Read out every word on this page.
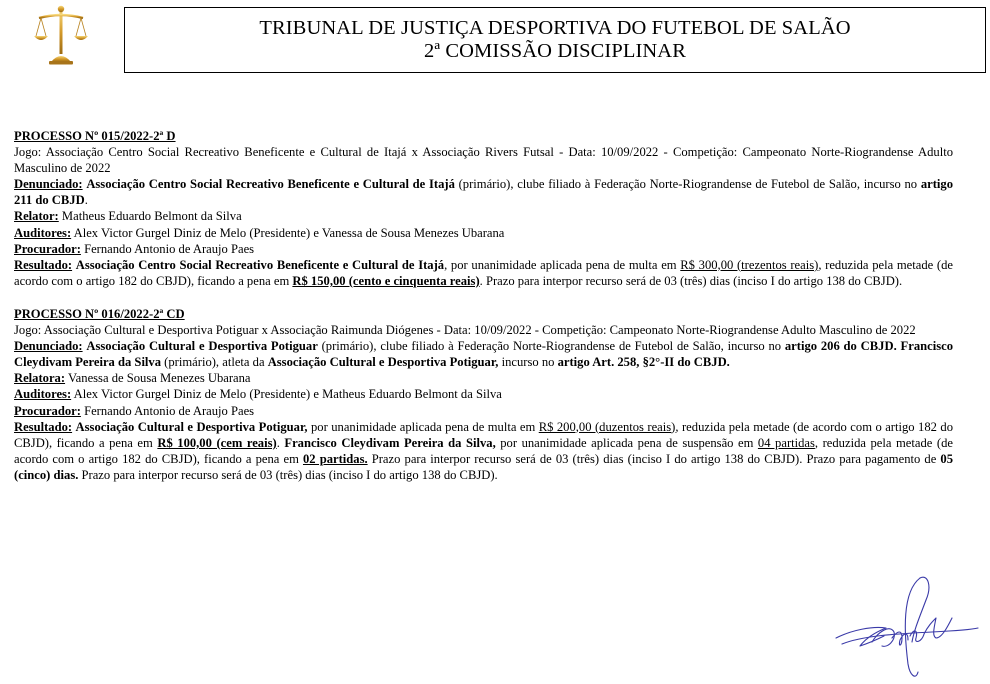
TRIBUNAL DE JUSTIÇA DESPORTIVA DO FUTEBOL DE SALÃO
2ª COMISSÃO DISCIPLINAR
PROCESSO Nº 015/2022-2ª D
Jogo: Associação Centro Social Recreativo Beneficente e Cultural de Itajá x Associação Rivers Futsal - Data: 10/09/2022 - Competição: Campeonato Norte-Riograndense Adulto Masculino de 2022
Denunciado: Associação Centro Social Recreativo Beneficente e Cultural de Itajá (primário), clube filiado à Federação Norte-Riograndense de Futebol de Salão, incurso no artigo 211 do CBJD.
Relator: Matheus Eduardo Belmont da Silva
Auditores: Alex Victor Gurgel Diniz de Melo (Presidente) e Vanessa de Sousa Menezes Ubarana
Procurador: Fernando Antonio de Araujo Paes
Resultado: Associação Centro Social Recreativo Beneficente e Cultural de Itajá, por unanimidade aplicada pena de multa em R$ 300,00 (trezentos reais), reduzida pela metade (de acordo com o artigo 182 do CBJD), ficando a pena em R$ 150,00 (cento e cinquenta reais). Prazo para interpor recurso será de 03 (três) dias (inciso I do artigo 138 do CBJD).
PROCESSO Nº 016/2022-2ª CD
Jogo: Associação Cultural e Desportiva Potiguar x Associação Raimunda Diógenes - Data: 10/09/2022 - Competição: Campeonato Norte-Riograndense Adulto Masculino de 2022
Denunciado: Associação Cultural e Desportiva Potiguar (primário), clube filiado à Federação Norte-Riograndense de Futebol de Salão, incurso no artigo 206 do CBJD. Francisco Cleydivam Pereira da Silva (primário), atleta da Associação Cultural e Desportiva Potiguar, incurso no artigo Art. 258, §2°-II do CBJD.
Relatora: Vanessa de Sousa Menezes Ubarana
Auditores: Alex Victor Gurgel Diniz de Melo (Presidente) e Matheus Eduardo Belmont da Silva
Procurador: Fernando Antonio de Araujo Paes
Resultado: Associação Cultural e Desportiva Potiguar, por unanimidade aplicada pena de multa em R$ 200,00 (duzentos reais), reduzida pela metade (de acordo com o artigo 182 do CBJD), ficando a pena em R$ 100,00 (cem reais). Francisco Cleydivam Pereira da Silva, por unanimidade aplicada pena de suspensão em 04 partidas, reduzida pela metade (de acordo com o artigo 182 do CBJD), ficando a pena em 02 partidas. Prazo para interpor recurso será de 03 (três) dias (inciso I do artigo 138 do CBJD). Prazo para pagamento de 05 (cinco) dias. Prazo para interpor recurso será de 03 (três) dias (inciso I do artigo 138 do CBJD).
